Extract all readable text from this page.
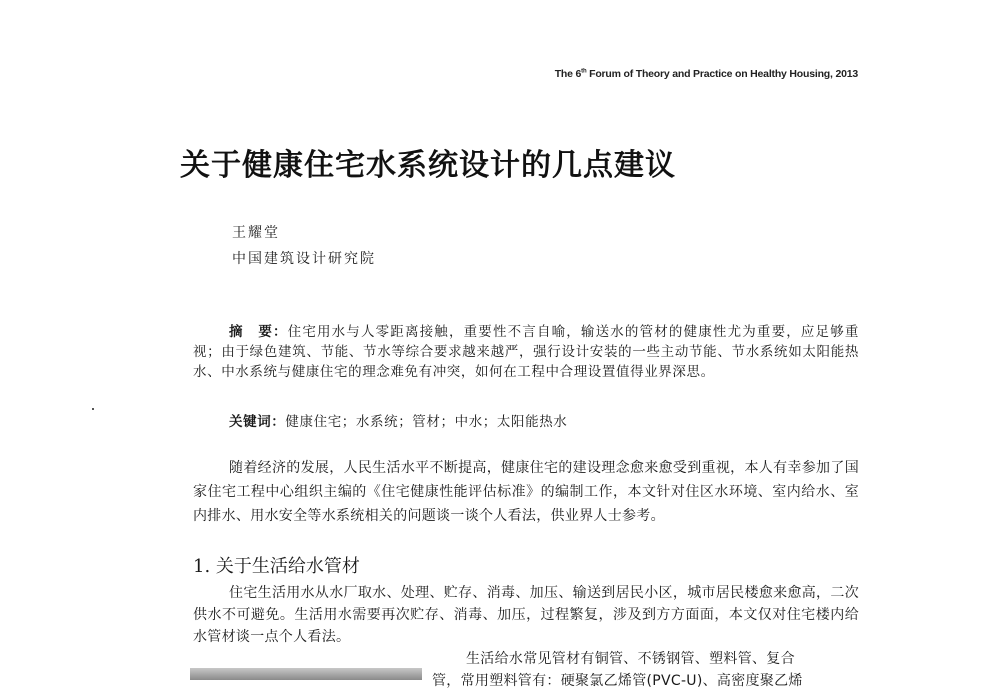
The 6th Forum of Theory and Practice on Healthy Housing, 2013
关于健康住宅水系统设计的几点建议
王耀堂
中国建筑设计研究院
摘　要：住宅用水与人零距离接触，重要性不言自喻，输送水的管材的健康性尤为重要，应足够重视；由于绿色建筑、节能、节水等综合要求越来越严，强行设计安装的一些主动节能、节水系统如太阳能热水、中水系统与健康住宅的理念难免有冲突，如何在工程中合理设置值得业界深思。
关键词：健康住宅；水系统；管材；中水；太阳能热水

随着经济的发展，人民生活水平不断提高，健康住宅的建设理念愈来愈受到重视，本人有幸参加了国家住宅工程中心组织主编的《住宅健康性能评估标准》的编制工作，本文针对住区水环境、室内给水、室内排水、用水安全等水系统相关的问题谈一谈个人看法，供业界人士参考。

1. 关于生活给水管材

住宅生活用水从水厂取水、处理、贮存、消毒、加压、输送到居民小区，城市居民楼愈来愈高，二次供水不可避免。生活用水需要再次贮存、消毒、加压，过程繁复，涉及到方方面面，本文仅对住宅楼内给水管材谈一点个人看法。

生活给水常见管材有铜管、不锈钢管、塑料管、复合

管，常用塑料管有：硬聚氯乙烯管(PVC-U)、高密度聚乙烯
